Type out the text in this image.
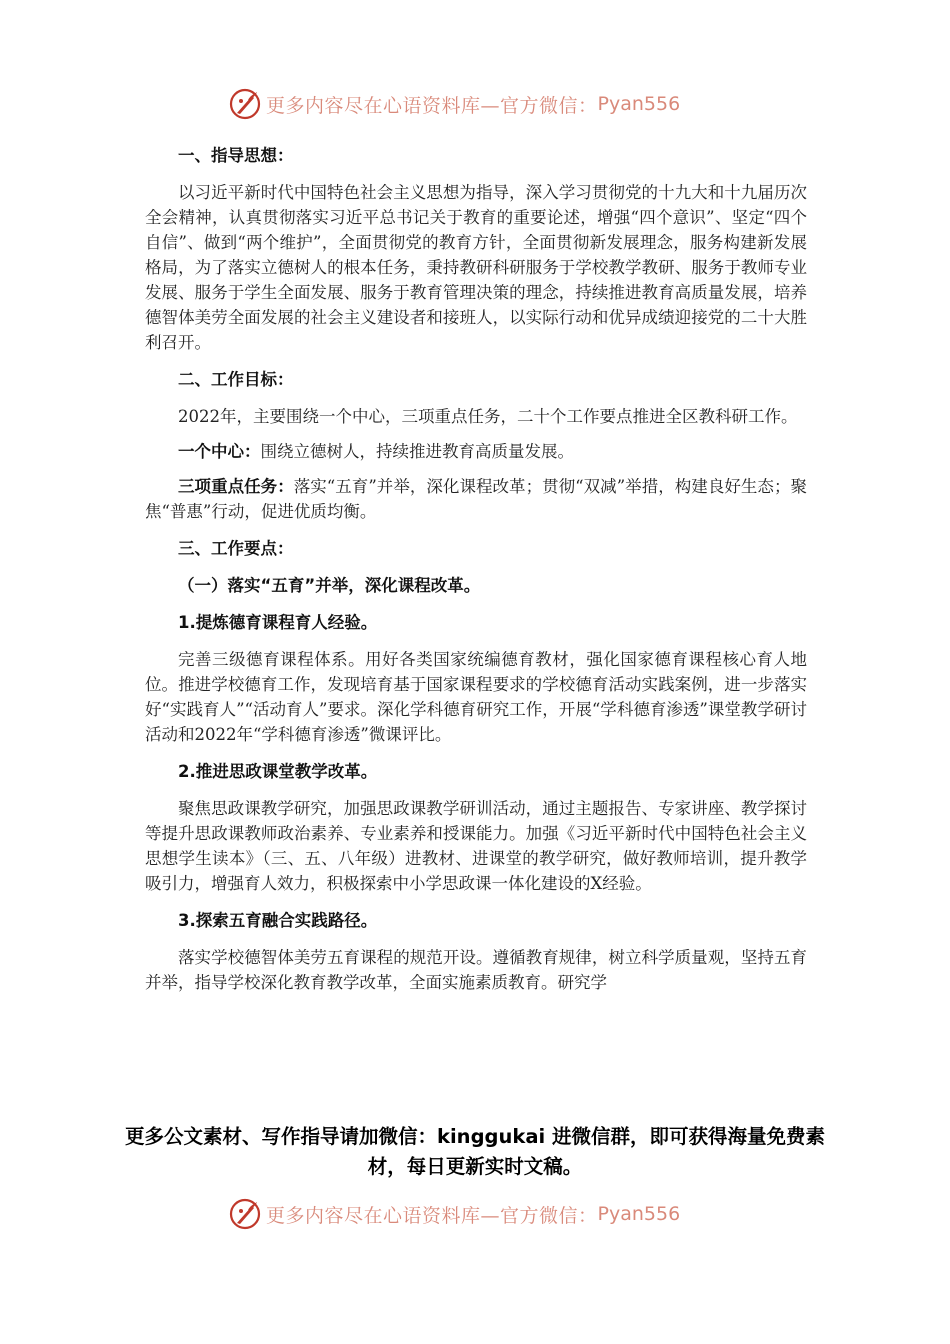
更多内容尽在心语资料库—官方微信： Pyan556
一、指导思想：

以习近平新时代中国特色社会主义思想为指导，深入学习贯彻党的十九大和十九届历次全会精神，认真贯彻落实习近平总书记关于教育的重要论述，增强“四个意识”、坚定“四个自信”、做到“两个维护”，全面贯彻党的教育方针，全面贯彻新发展理念，服务构建新发展格局，为了落实立德树人的根本任务，秉持教研科研服务于学校教学教研、服务于教师专业发展、服务于学生全面发展、服务于教育管理决策的理念，持续推进教育高质量发展，培养德智体美劳全面发展的社会主义建设者和接班人，以实际行动和优异成绩迎接党的二十大胜利召开。

二、工作目标：

2022年，主要围绕一个中心，三项重点任务，二十个工作要点推进全区教科研工作。

一个中心：围绕立德树人，持续推进教育高质量发展。

三项重点任务：落实“五育”并举，深化课程改革；贯彻“双减”举措，构建良好生态；聚焦“普惠”行动，促进优质均衡。

三、工作要点：
（一）落实“五育”并举，深化课程改革。
1.提炼德育课程育人经验。

完善三级德育课程体系。用好各类国家统编德育教材，强化国家德育课程核心育人地位。推进学校德育工作，发现培育基于国家课程要求的学校德育活动实践案例，进一步落实好“实践育人”“活动育人”要求。深化学科德育研究工作，开展“学科德育渗透”课堂教学研讨活动和2022年“学科德育渗透”微课评比。

2.推进思政课堂教学改革。

聚焦思政课教学研究，加强思政课教学研训活动，通过主题报告、专家讲座、教学探讨等提升思政课教师政治素养、专业素养和授课能力。加强《习近平新时代中国特色社会主义思想学生读本》（三、五、八年级）进教材、进课堂的教学研究，做好教师培训，提升教学吸引力，增强育人效力，积极探索中小学思政课一体化建设的X经验。

3.探索五育融合实践路径。

落实学校德智体美劳五育课程的规范开设。遵循教育规律，树立科学质量观，坚持五育并举，指导学校深化教育教学改革，全面实施素质教育。研究学

更多公文素材、写作指导请加微信：kinggukai 进微信群，即可获得海量免费素材，每日更新实时文稿。
更多内容尽在心语资料库—官方微信： Pyan556
